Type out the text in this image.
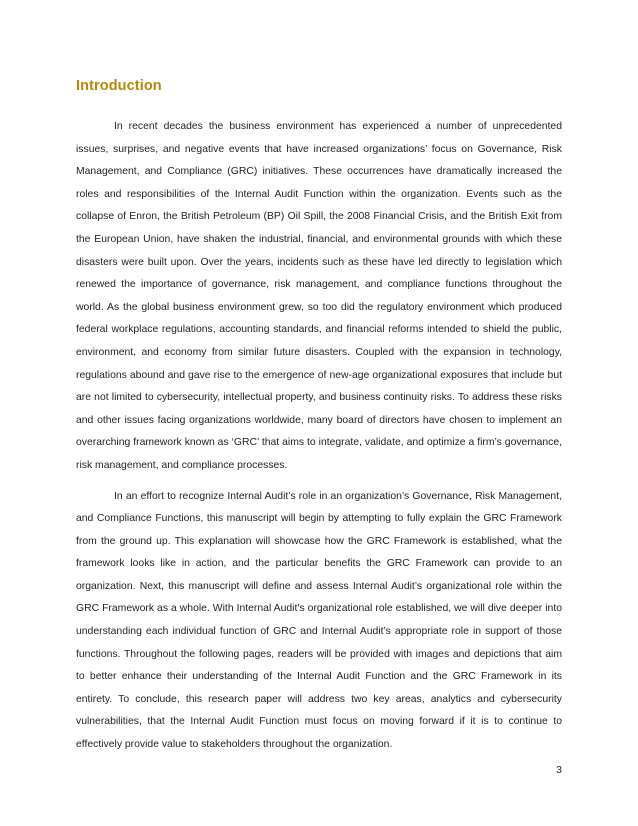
Introduction

In recent decades the business environment has experienced a number of unprecedented issues, surprises, and negative events that have increased organizations’ focus on Governance, Risk Management, and Compliance (GRC) initiatives. These occurrences have dramatically increased the roles and responsibilities of the Internal Audit Function within the organization. Events such as the collapse of Enron, the British Petroleum (BP) Oil Spill, the 2008 Financial Crisis, and the British Exit from the European Union, have shaken the industrial, financial, and environmental grounds with which these disasters were built upon. Over the years, incidents such as these have led directly to legislation which renewed the importance of governance, risk management, and compliance functions throughout the world. As the global business environment grew, so too did the regulatory environment which produced federal workplace regulations, accounting standards, and financial reforms intended to shield the public, environment, and economy from similar future disasters. Coupled with the expansion in technology, regulations abound and gave rise to the emergence of new-age organizational exposures that include but are not limited to cybersecurity, intellectual property, and business continuity risks. To address these risks and other issues facing organizations worldwide, many board of directors have chosen to implement an overarching framework known as ‘GRC’ that aims to integrate, validate, and optimize a firm’s governance, risk management, and compliance processes.

In an effort to recognize Internal Audit’s role in an organization’s Governance, Risk Management, and Compliance Functions, this manuscript will begin by attempting to fully explain the GRC Framework from the ground up. This explanation will showcase how the GRC Framework is established, what the framework looks like in action, and the particular benefits the GRC Framework can provide to an organization. Next, this manuscript will define and assess Internal Audit’s organizational role within the GRC Framework as a whole. With Internal Audit’s organizational role established, we will dive deeper into understanding each individual function of GRC and Internal Audit’s appropriate role in support of those functions. Throughout the following pages, readers will be provided with images and depictions that aim to better enhance their understanding of the Internal Audit Function and the GRC Framework in its entirety. To conclude, this research paper will address two key areas, analytics and cybersecurity vulnerabilities, that the Internal Audit Function must focus on moving forward if it is to continue to effectively provide value to stakeholders throughout the organization.

3
